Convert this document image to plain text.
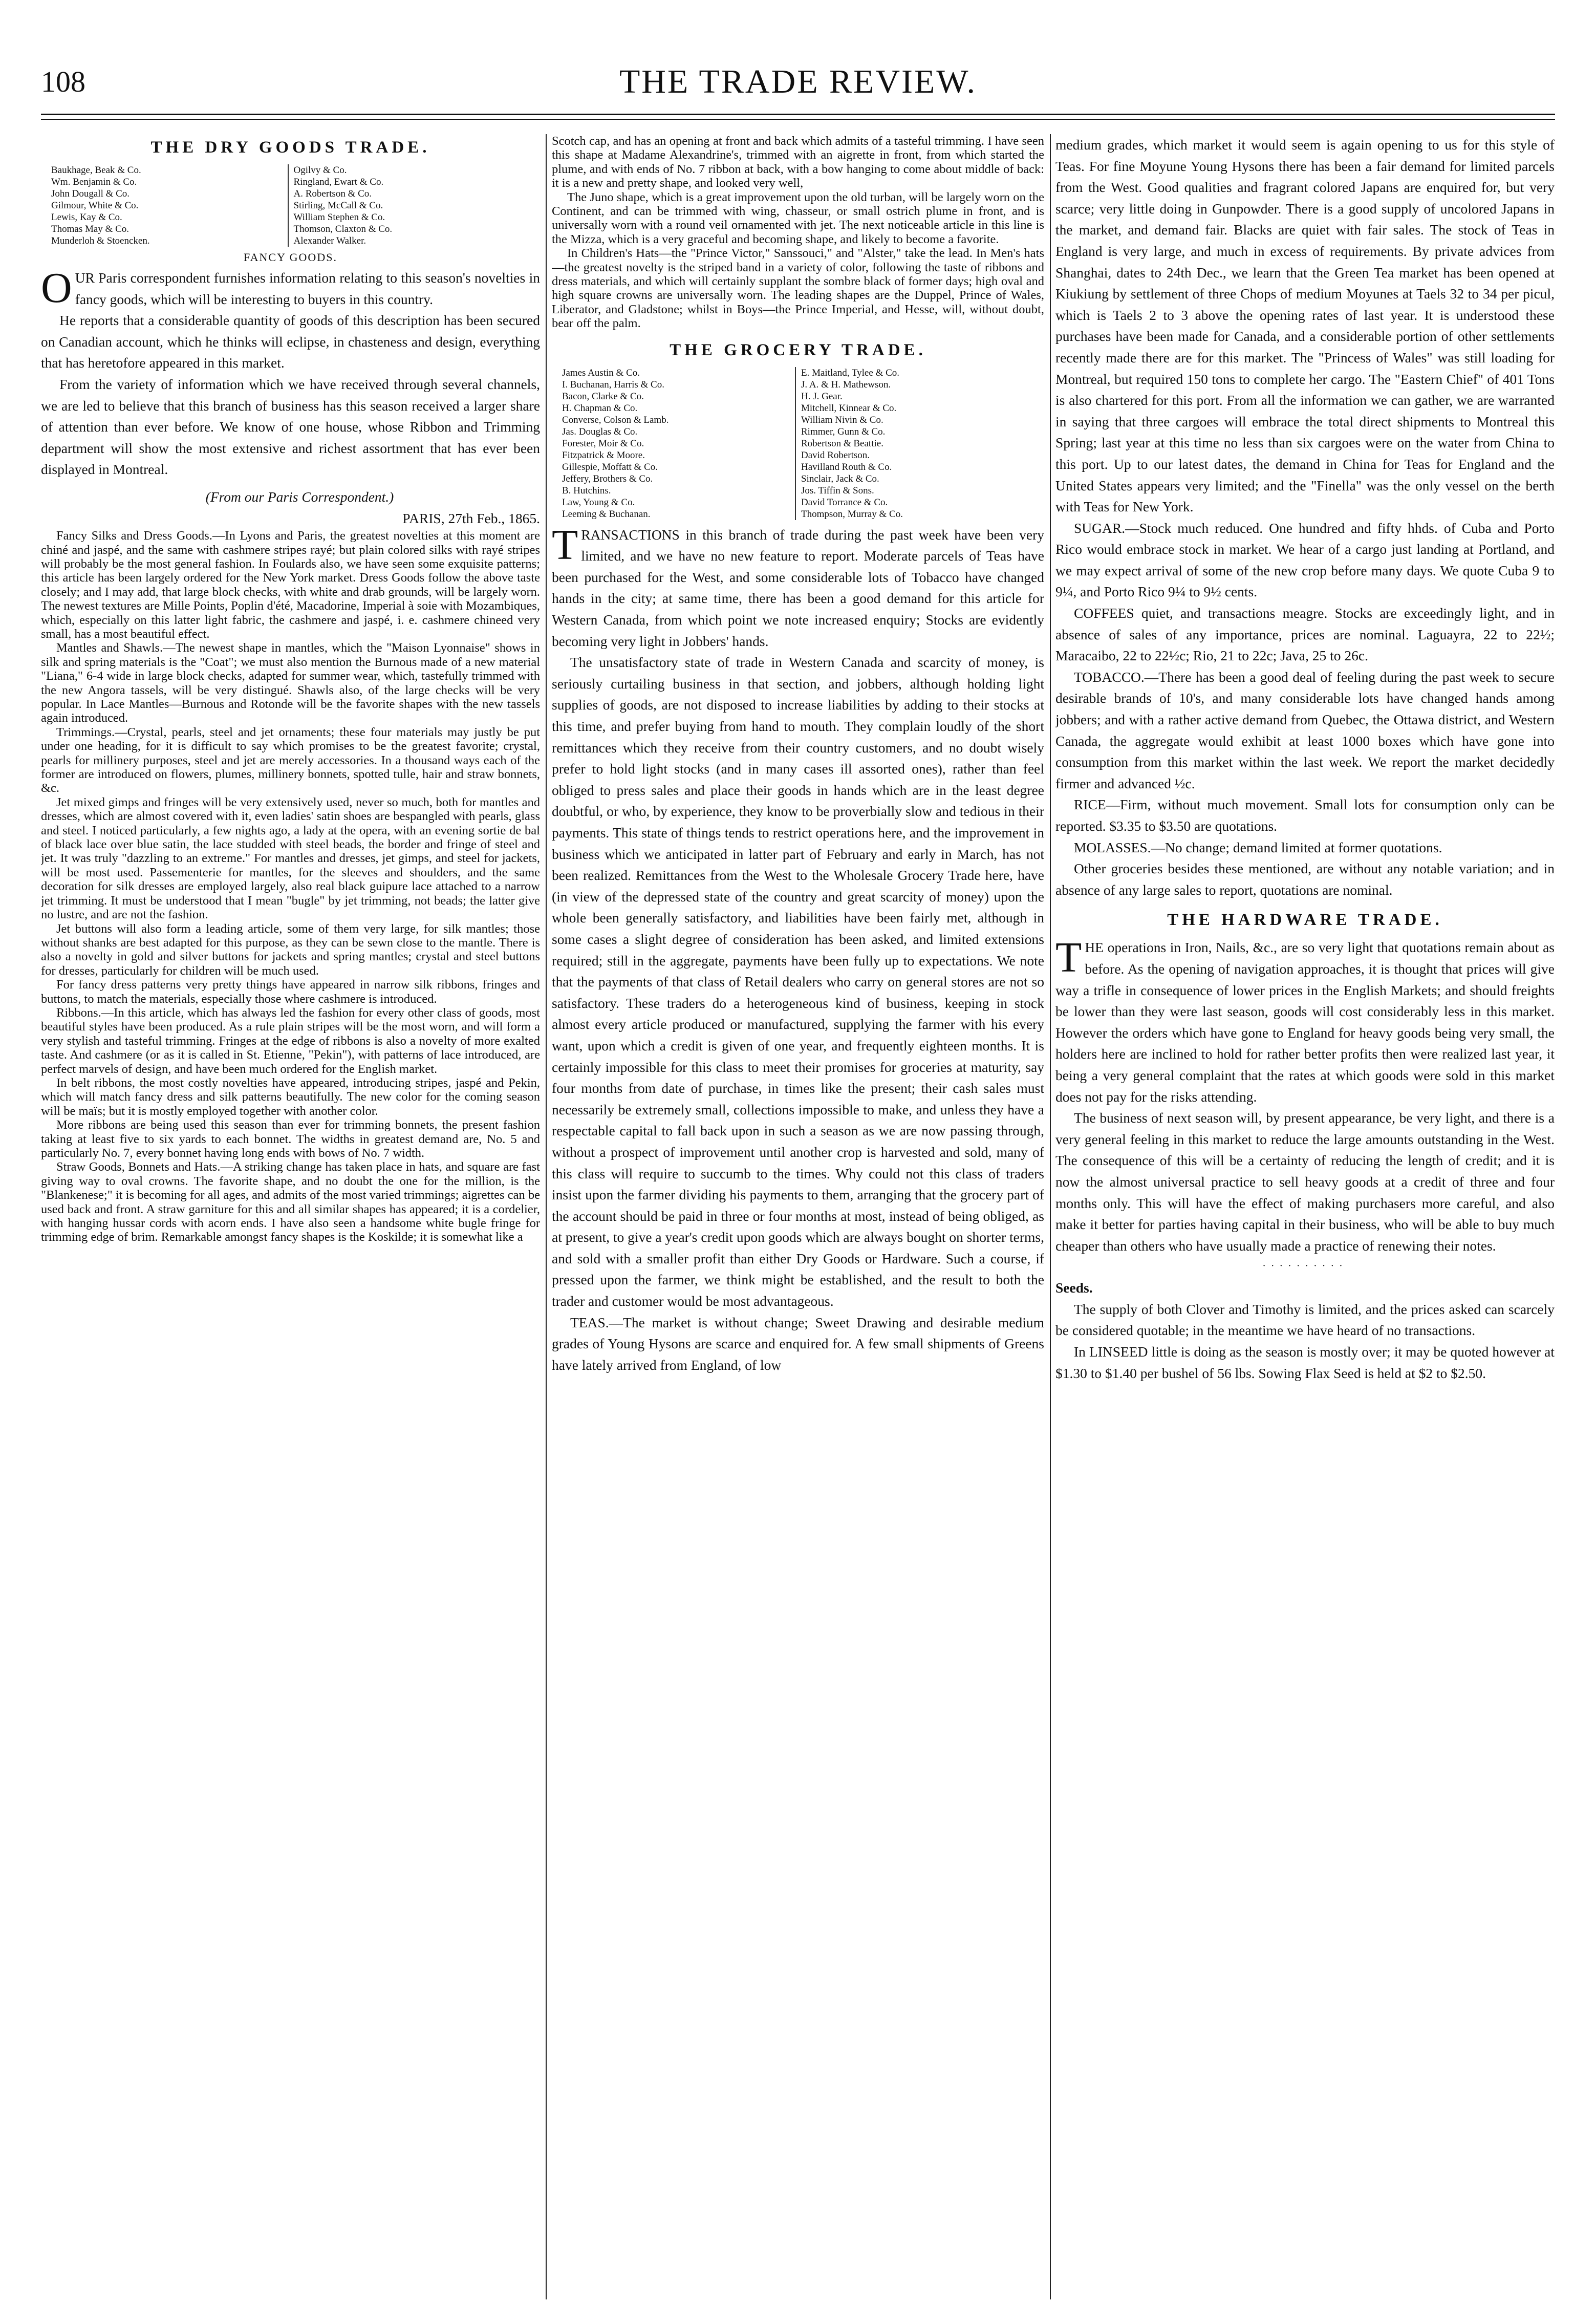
108	THE TRADE REVIEW.
THE DRY GOODS TRADE.
Baukhage, Beak & Co.
Wm. Benjamin & Co.
John Dougall & Co.
Gilmour, White & Co.
Lewis, Kay & Co.
Thomas May & Co.
Munderloh & Stoencken.
Ogilvy & Co.
Ringland, Ewart & Co.
A. Robertson & Co.
Stirling, McCall & Co.
William Stephen & Co.
Thomson, Claxton & Co.
Alexander Walker.
FANCY GOODS.

OUR Paris correspondent furnishes information relating to this season's novelties in fancy goods, which will be interesting to buyers in this country.

He reports that a considerable quantity of goods of this description has been secured on Canadian account, which he thinks will eclipse, in chasteness and design, everything that has heretofore appeared in this market.

From the variety of information which we have received through several channels, we are led to believe that this branch of business has this season received a larger share of attention than ever before. We know of one house, whose Ribbon and Trimming department will show the most extensive and richest assortment that has ever been displayed in Montreal.

(From our Paris Correspondent.)

PARIS, 27th Feb., 1865.

Fancy Silks and Dress Goods.—In Lyons and Paris, the greatest novelties at this moment are chiné and jaspé, and the same with cashmere stripes rayé; but plain colored silks with rayé stripes will probably be the most general fashion. In Foulards also, we have seen some exquisite patterns; this article has been largely ordered for the New York market. Dress Goods follow the above taste closely; and I may add, that large block checks, with white and drab grounds, will be largely worn. The newest textures are Mille Points, Poplin d'été, Macadorine, Imperial à soie with Mozambiques, which, especially on this latter light fabric, the cashmere and jaspé, i. e. cashmere chineed very small, has a most beautiful effect.

Mantles and Shawls.—The newest shape in mantles, which the "Maison Lyonnaise" shows in silk and spring materials is the "Coat"; we must also mention the Burnous made of a new material "Liana," 6-4 wide in large block checks, adapted for summer wear, which, tastefully trimmed with the new Angora tassels, will be very distingué. Shawls also, of the large checks will be very popular. In Lace Mantles—Burnous and Rotonde will be the favorite shapes with the new tassels again introduced.

Trimmings.—Crystal, pearls, steel and jet ornaments; these four materials may justly be put under one heading, for it is difficult to say which promises to be the greatest favorite; crystal, pearls for millinery purposes, steel and jet are merely accessories. In a thousand ways each of the former are introduced on flowers, plumes, millinery bonnets, spotted tulle, hair and straw bonnets, &c.

Jet mixed gimps and fringes will be very extensively used, never so much, both for mantles and dresses, which are almost covered with it, even ladies' satin shoes are bespangled with pearls, glass and steel. I noticed particularly, a few nights ago, a lady at the opera, with an evening sortie de bal of black lace over blue satin, the lace studded with steel beads, the border and fringe of steel and jet. It was truly "dazzling to an extreme." For mantles and dresses, jet gimps, and steel for jackets, will be most used. Passementerie for mantles, for the sleeves and shoulders, and the same decoration for silk dresses are employed largely, also real black guipure lace attached to a narrow jet trimming. It must be understood that I mean "bugle" by jet trimming, not beads; the latter give no lustre, and are not the fashion.

Jet buttons will also form a leading article, some of them very large, for silk mantles; those without shanks are best adapted for this purpose, as they can be sewn close to the mantle. There is also a novelty in gold and silver buttons for jackets and spring mantles; crystal and steel buttons for dresses, particularly for children will be much used.

For fancy dress patterns very pretty things have appeared in narrow silk ribbons, fringes and buttons, to match the materials, especially those where cashmere is introduced.

Ribbons.—In this article, which has always led the fashion for every other class of goods, most beautiful styles have been produced. As a rule plain stripes will be the most worn, and will form a very stylish and tasteful trimming. Fringes at the edge of ribbons is also a novelty of more exalted taste. And cashmere (or as it is called in St. Etienne, "Pekin"), with patterns of lace introduced, are perfect marvels of design, and have been much ordered for the English market.

In belt ribbons, the most costly novelties have appeared, introducing stripes, jaspé and Pekin, which will match fancy dress and silk patterns beautifully. The new color for the coming season will be maïs; but it is mostly employed together with another color.

More ribbons are being used this season than ever for trimming bonnets, the present fashion taking at least five to six yards to each bonnet. The widths in greatest demand are, No. 5 and particularly No. 7, every bonnet having long ends with bows of No. 7 width.

Straw Goods, Bonnets and Hats.—A striking change has taken place in hats, and square are fast giving way to oval crowns. The favorite shape, and no doubt the one for the million, is the "Blankenese;" it is becoming for all ages, and admits of the most varied trimmings; aigrettes can be used back and front. A straw garniture for this and all similar shapes has appeared; it is a cordelier, with hanging hussar cords with acorn ends. I have also seen a handsome white bugle fringe for trimming edge of brim. Remarkable amongst fancy shapes is the Koskilde; it is somewhat like a

Scotch cap, and has an opening at front and back which admits of a tasteful trimming. I have seen this shape at Madame Alexandrine's, trimmed with an aigrette in front, from which started the plume, and with ends of No. 7 ribbon at back, with a bow hanging to come about middle of back: it is a new and pretty shape, and looked very well,

The Juno shape, which is a great improvement upon the old turban, will be largely worn on the Continent, and can be trimmed with wing, chasseur, or small ostrich plume in front, and is universally worn with a round veil ornamented with jet. The next noticeable article in this line is the Mizza, which is a very graceful and becoming shape, and likely to become a favorite.

In Children's Hats—the "Prince Victor," Sanssouci," and "Alster," take the lead. In Men's hats—the greatest novelty is the striped band in a variety of color, following the taste of ribbons and dress materials, and which will certainly supplant the sombre black of former days; high oval and high square crowns are universally worn. The leading shapes are the Duppel, Prince of Wales, Liberator, and Gladstone; whilst in Boys—the Prince Imperial, and Hesse, will, without doubt, bear off the palm.

THE GROCERY TRADE.
James Austin & Co.
I. Buchanan, Harris & Co.
Bacon, Clarke & Co.
H. Chapman & Co.
Converse, Colson & Lamb.
Jas. Douglas & Co.
Forester, Moir & Co.
Fitzpatrick & Moore.
Gillespie, Moffatt & Co.
Jeffery, Brothers & Co.
B. Hutchins.
Law, Young & Co.
Leeming & Buchanan.
E. Maitland, Tylee & Co.
J. A. & H. Mathewson.
H. J. Gear.
Mitchell, Kinnear & Co.
William Nivin & Co.
Rimmer, Gunn & Co.
Robertson & Beattie.
David Robertson.
Havilland Routh & Co.
Sinclair, Jack & Co.
Jos. Tiffin & Sons.
David Torrance & Co.
Thompson, Murray & Co.

TRANSACTIONS in this branch of trade during the past week have been very limited, and we have no new feature to report. Moderate parcels of Teas have been purchased for the West, and some considerable lots of Tobacco have changed hands in the city; at same time, there has been a good demand for this article for Western Canada, from which point we note increased enquiry; Stocks are evidently becoming very light in Jobbers' hands.

The unsatisfactory state of trade in Western Canada and scarcity of money, is seriously curtailing business in that section, and jobbers, although holding light supplies of goods, are not disposed to increase liabilities by adding to their stocks at this time, and prefer buying from hand to mouth. They complain loudly of the short remittances which they receive from their country customers, and no doubt wisely prefer to hold light stocks (and in many cases ill assorted ones), rather than feel obliged to press sales and place their goods in hands which are in the least degree doubtful, or who, by experience, they know to be proverbially slow and tedious in their payments. This state of things tends to restrict operations here, and the improvement in business which we anticipated in latter part of February and early in March, has not been realized. Remittances from the West to the Wholesale Grocery Trade here, have (in view of the depressed state of the country and great scarcity of money) upon the whole been generally satisfactory, and liabilities have been fairly met, although in some cases a slight degree of consideration has been asked, and limited extensions required; still in the aggregate, payments have been fully up to expectations. We note that the payments of that class of Retail dealers who carry on general stores are not so satisfactory. These traders do a heterogeneous kind of business, keeping in stock almost every article produced or manufactured, supplying the farmer with his every want, upon which a credit is given of one year, and frequently eighteen months. It is certainly impossible for this class to meet their promises for groceries at maturity, say four months from date of purchase, in times like the present; their cash sales must necessarily be extremely small, collections impossible to make, and unless they have a respectable capital to fall back upon in such a season as we are now passing through, without a prospect of improvement until another crop is harvested and sold, many of this class will require to succumb to the times. Why could not this class of traders insist upon the farmer dividing his payments to them, arranging that the grocery part of the account should be paid in three or four months at most, instead of being obliged, as at present, to give a year's credit upon goods which are always bought on shorter terms, and sold with a smaller profit than either Dry Goods or Hardware. Such a course, if pressed upon the farmer, we think might be established, and the result to both the trader and customer would be most advantageous.

TEAS.—The market is without change; Sweet Drawing and desirable medium grades of Young Hysons are scarce and enquired for. A few small shipments of Greens have lately arrived from England, of low

medium grades, which market it would seem is again opening to us for this style of Teas. For fine Moyune Young Hysons there has been a fair demand for limited parcels from the West. Good qualities and fragrant colored Japans are enquired for, but very scarce; very little doing in Gunpowder. There is a good supply of uncolored Japans in the market, and demand fair. Blacks are quiet with fair sales. The stock of Teas in England is very large, and much in excess of requirements. By private advices from Shanghai, dates to 24th Dec., we learn that the Green Tea market has been opened at Kiukiung by settlement of three Chops of medium Moyunes at Taels 32 to 34 per picul, which is Taels 2 to 3 above the opening rates of last year. It is understood these purchases have been made for Canada, and a considerable portion of other settlements recently made there are for this market. The "Princess of Wales" was still loading for Montreal, but required 150 tons to complete her cargo. The "Eastern Chief" of 401 Tons is also chartered for this port. From all the information we can gather, we are warranted in saying that three cargoes will embrace the total direct shipments to Montreal this Spring; last year at this time no less than six cargoes were on the water from China to this port. Up to our latest dates, the demand in China for Teas for England and the United States appears very limited; and the "Finella" was the only vessel on the berth with Teas for New York.

SUGAR.—Stock much reduced. One hundred and fifty hhds. of Cuba and Porto Rico would embrace stock in market. We hear of a cargo just landing at Portland, and we may expect arrival of some of the new crop before many days. We quote Cuba 9 to 9¼, and Porto Rico 9¼ to 9½ cents.

COFFEES quiet, and transactions meagre. Stocks are exceedingly light, and in absence of sales of any importance, prices are nominal. Laguayra, 22 to 22½; Maracaibo, 22 to 22½c; Rio, 21 to 22c; Java, 25 to 26c.

TOBACCO.—There has been a good deal of feeling during the past week to secure desirable brands of 10's, and many considerable lots have changed hands among jobbers; and with a rather active demand from Quebec, the Ottawa district, and Western Canada, the aggregate would exhibit at least 1000 boxes which have gone into consumption from this market within the last week. We report the market decidedly firmer and advanced ½c.

RICE—Firm, without much movement. Small lots for consumption only can be reported. $3.35 to $3.50 are quotations.

MOLASSES.—No change; demand limited at former quotations.

Other groceries besides these mentioned, are without any notable variation; and in absence of any large sales to report, quotations are nominal.

THE HARDWARE TRADE.

THE operations in Iron, Nails, &c., are so very light that quotations remain about as before. As the opening of navigation approaches, it is thought that prices will give way a trifle in consequence of lower prices in the English Markets; and should freights be lower than they were last season, goods will cost considerably less in this market. However the orders which have gone to England for heavy goods being very small, the holders here are inclined to hold for rather better profits then were realized last year, it being a very general complaint that the rates at which goods were sold in this market does not pay for the risks attending.

The business of next season will, by present appearance, be very light, and there is a very general feeling in this market to reduce the large amounts outstanding in the West. The consequence of this will be a certainty of reducing the length of credit; and it is now the almost universal practice to sell heavy goods at a credit of three and four months only. This will have the effect of making purchasers more careful, and also make it better for parties having capital in their business, who will be able to buy much cheaper than others who have usually made a practice of renewing their notes.

··········

Seeds.

The supply of both Clover and Timothy is limited, and the prices asked can scarcely be considered quotable; in the meantime we have heard of no transactions.

In LINSEED little is doing as the season is mostly over; it may be quoted however at $1.30 to $1.40 per bushel of 56 lbs. Sowing Flax Seed is held at $2 to $2.50.
